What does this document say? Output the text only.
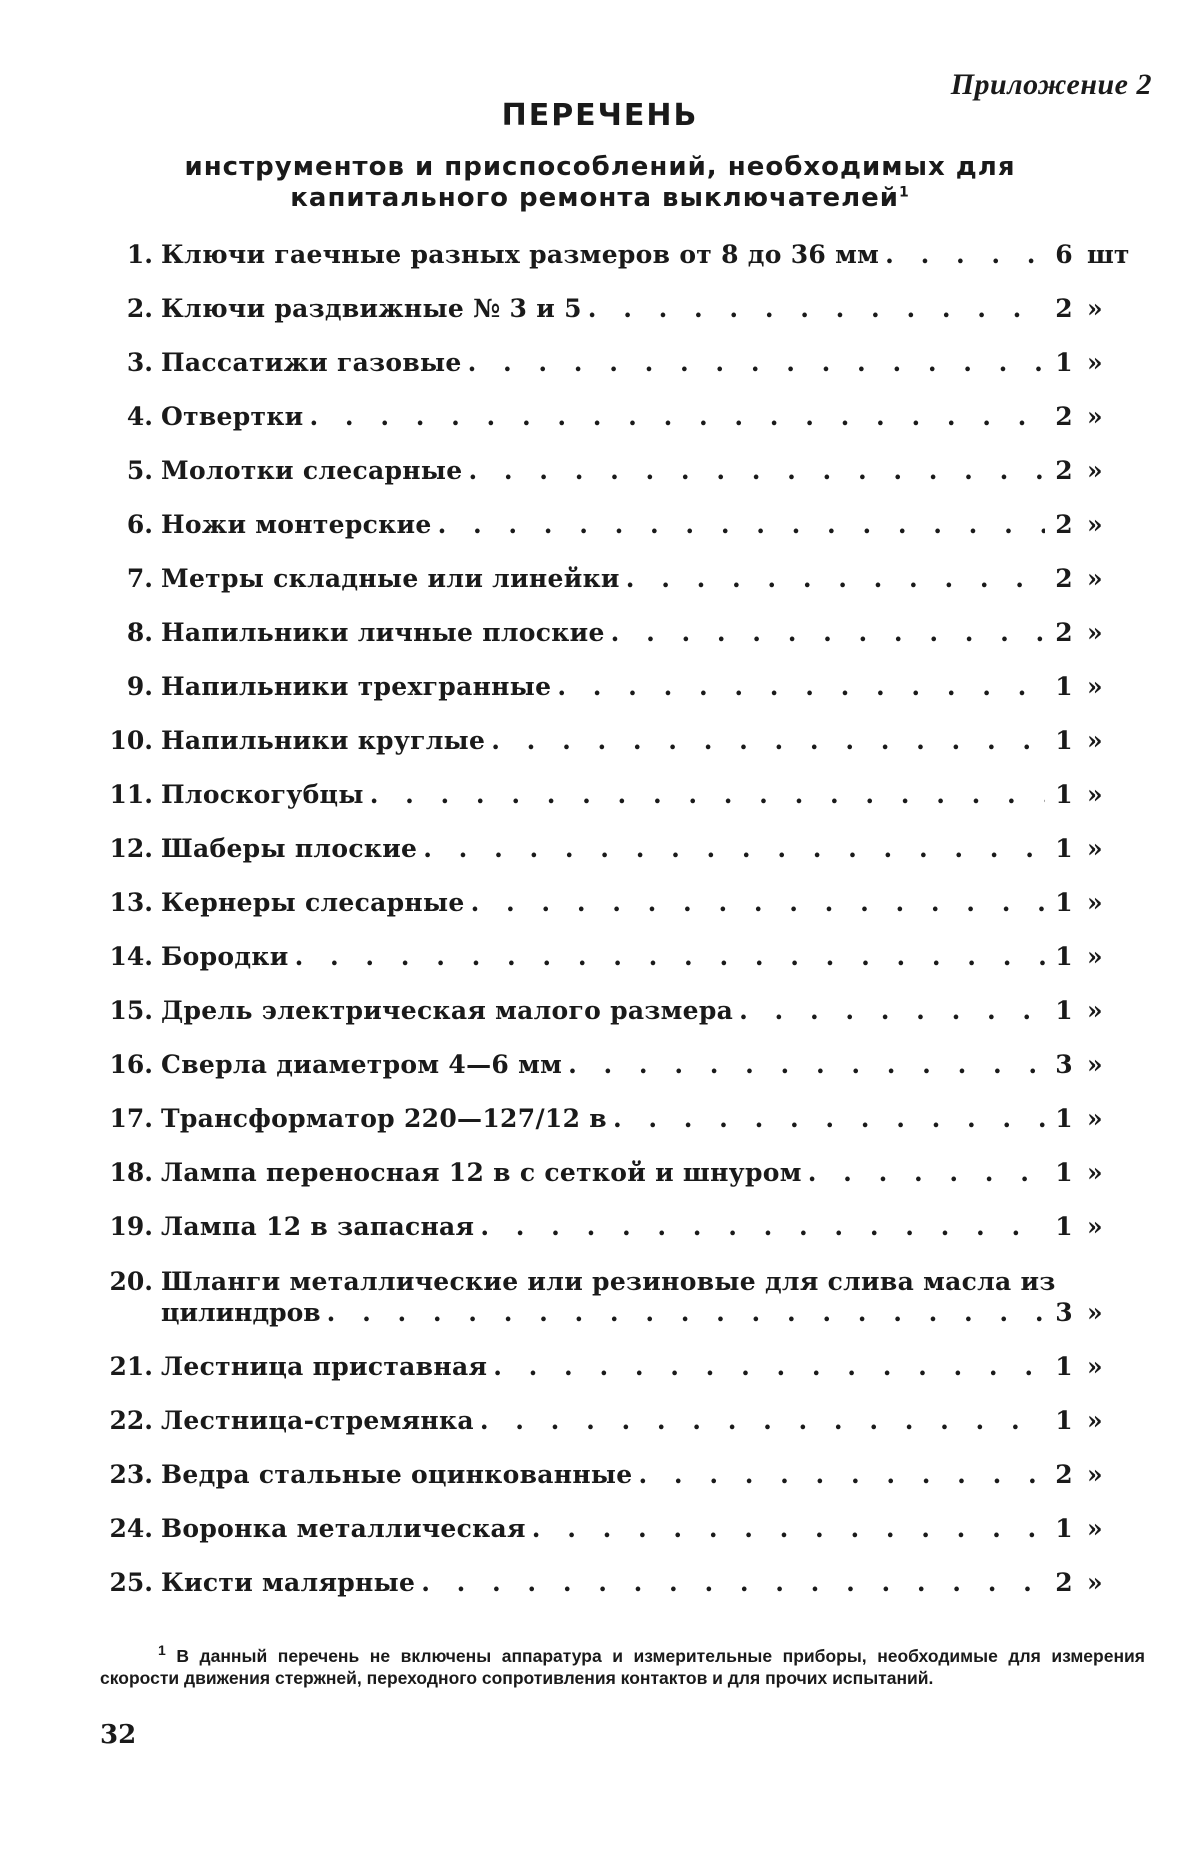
Приложение 2
ПЕРЕЧЕНЬ
инструментов и приспособлений, необходимых для капитального ремонта выключателей$^1$
1. Ключи гаечные разных размеров от 8 до 36 мм . . .	6 шт
2. Ключи раздвижные № 3 и 5 . . .	2 »
3. Пассатижи газовые . . .	1 »
4. Отвертки . . .	2 »
5. Молотки слесарные . . .	2 »
6. Ножи монтерские . . .	2 »
7. Метры складные или линейки . . .	2 »
8. Напильники личные плоские . . .	2 »
9. Напильники трехгранные . . .	1 »
10. Напильники круглые . . .	1 »
11. Плоскогубцы . . .	1 »
12. Шаберы плоские . . .	1 »
13. Кернеры слесарные . . .	1 »
14. Бородки . . .	1 »
15. Дрель электрическая малого размера . . .	1 »
16. Сверла диаметром 4—6 мм . . .	3 »
17. Трансформатор 220—127/12 в . . .	1 »
18. Лампа переносная 12 в с сеткой и шнуром . . .	1 »
19. Лампа 12 в запасная . . .	1 »
20. Шланги металлические или резиновые для слива масла из
цилиндров . . .	3 »
21. Лестница приставная . . .	1 »
22. Лестница-стремянка . . .	1 »
23. Ведра стальные оцинкованные . . .	2 »
24. Воронка металлическая . . .	1 »
25. Кисти малярные . . .	2 »
$^1$ В данный перечень не включены аппаратура и измерительные приборы, необходимые для измерения скорости движения стержней, переходного сопротивления контактов и для прочих испытаний.
32
